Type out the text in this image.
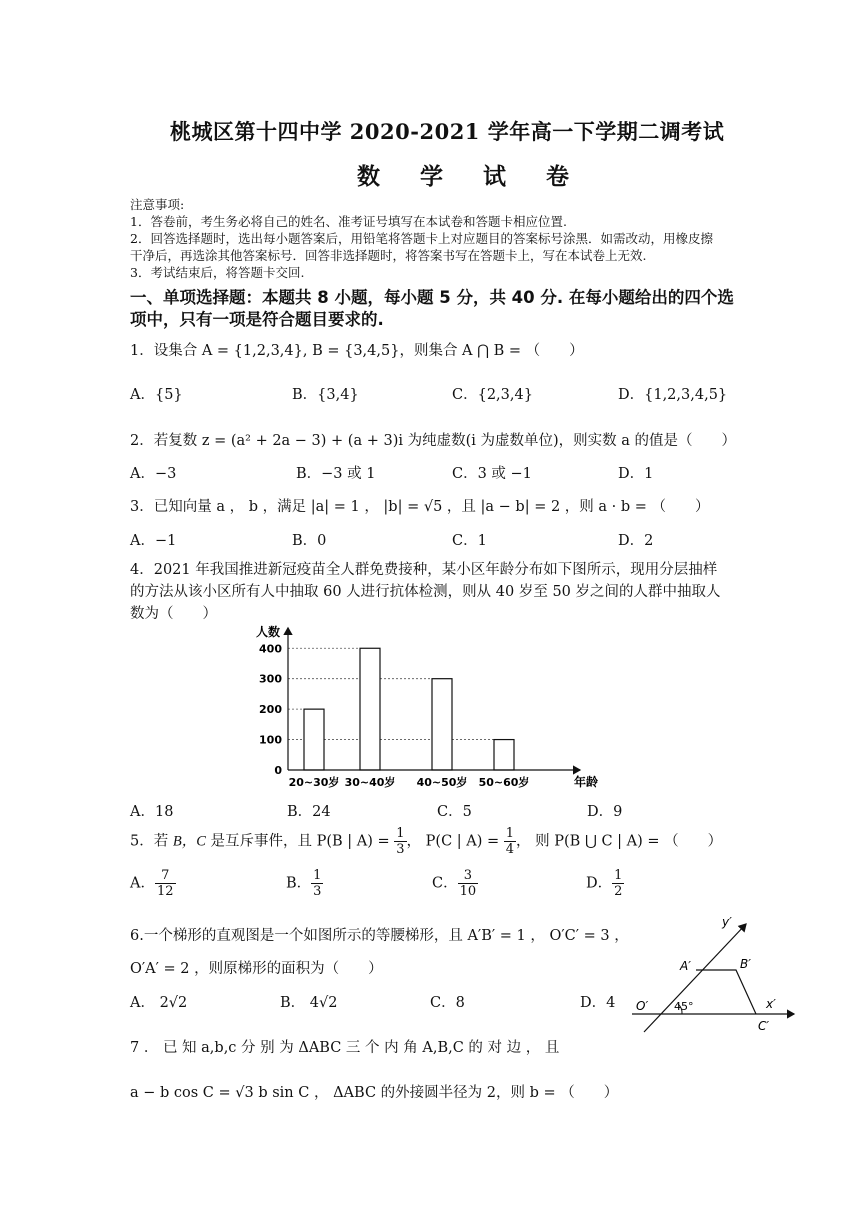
桃城区第十四中学 2020-2021 学年高一下学期二调考试
数 学 试 卷
注意事项:
1．答卷前，考生务必将自己的姓名、准考证号填写在本试卷和答题卡相应位置.
2．回答选择题时，选出每小题答案后，用铅笔将答题卡上对应题目的答案标号涂黑．如需改动，用橡皮擦
干净后，再选涂其他答案标号．回答非选择题时，将答案书写在答题卡上，写在本试卷上无效.
3．考试结束后，将答题卡交回.
一、单项选择题：本题共 8 小题，每小题 5 分，共 40 分. 在每小题给出的四个选
项中，只有一项是符合题目要求的.
1．设集合 A = {1,2,3,4}, B = {3,4,5}，则集合 A ⋂ B = （　　）
A．{5}	B．{3,4}	C．{2,3,4}	D．{1,2,3,4,5}
2．若复数 z = (a² + 2a − 3) + (a + 3)i 为纯虚数(i 为虚数单位)，则实数 a 的值是（　　）
A．−3	B．−3 或 1	C．3 或 −1	D．1
3．已知向量 a ， b ，满足 |a| = 1 ， |b| = √5 ，且 |a − b| = 2 ，则 a · b = （　　）
A．−1	B．0	C．1	D．2
4．2021 年我国推进新冠疫苗全人群免费接种，某小区年龄分布如下图所示，现用分层抽样
的方法从该小区所有人中抽取 60 人进行抗体检测，则从 40 岁至 50 岁之间的人群中抽取人
数为（　　）
0
100
200
300
400
20~30岁 30~40岁 40~50岁 50~60岁
人数
年龄
A．18	B．24	C．5	D．9
5．若 B，C 是互斥事件，且 P(B | $A) = \frac{1}{3}$ ， P(C | $A) = \frac{1}{4}$ ， 则 P(B ⋃ C | A) = （　　）
A． $\frac{7}{12}$	B． $\frac{1}{3}$	C． $\frac{3}{10}$	D． $\frac{1}{2}$
6.一个梯形的直观图是一个如图所示的等腰梯形，且 A′B′ = 1 ， O′C′ = 3 ，
O′A′ = 2 ，则原梯形的面积为（　　）
A． 2√2	B． 4√2	C．8	D．4 O′
A′	B′
C′
x′
y′
45°
7 ． 已 知 a,b,c 分 别 为 ΔABC 三 个 内 角 A,B,C 的 对 边 ， 且
a − b cos C = √3 b sin C ， ΔABC 的外接圆半径为 2，则 b = （　　）
